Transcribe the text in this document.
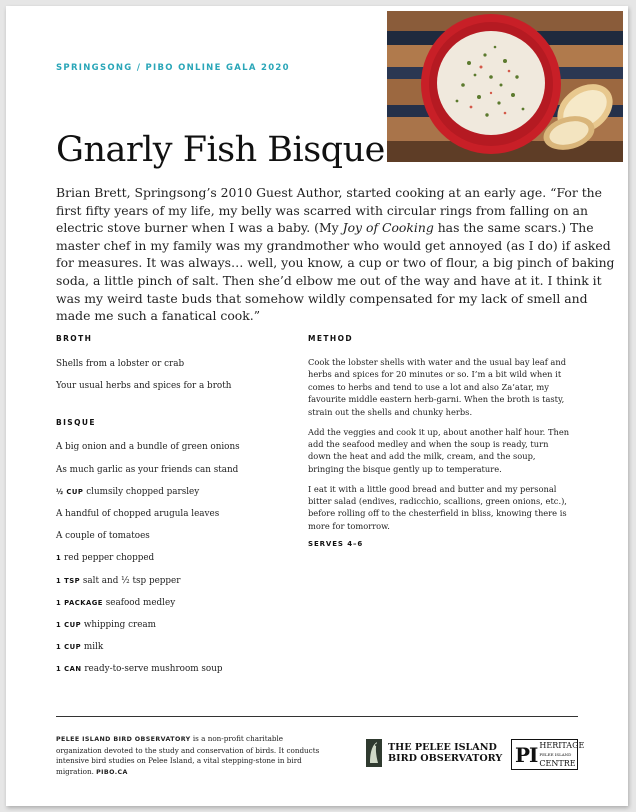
SPRINGSONG / PIBO ONLINE GALA 2020
Gnarly Fish Bisque
Brian Brett, Springsong’s 2010 Guest Author, started cooking at an early age. “For the first fifty years of my life, my belly was scarred with circular rings from falling on an electric stove burner when I was a baby. (My Joy of Cooking has the same scars.) The master chef in my family was my grandmother who would get annoyed (as I do) if asked for measures. It was always… well, you know, a cup or two of flour, a big pinch of baking soda, a little pinch of salt. Then she’d elbow me out of the way and have at it. I think it was my weird taste buds that somehow wildly compensated for my lack of smell and made me such a fanatical cook.”
BROTH
Shells from a lobster or crab
Your usual herbs and spices for a broth
BISQUE
A big onion and a bundle of green onions
As much garlic as your friends can stand
½ CUP clumsily chopped parsley
A handful of chopped arugula leaves
A couple of tomatoes
1 red pepper chopped
1 TSP salt and ½ tsp pepper
1 PACKAGE seafood medley
1 CUP whipping cream
1 CUP milk
1 CAN ready-to-serve mushroom soup
METHOD

Cook the lobster shells with water and the usual bay leaf and herbs and spices for 20 minutes or so. I’m a bit wild when it comes to herbs and tend to use a lot and also Za’atar, my favourite middle eastern herb-garni. When the broth is tasty, strain out the shells and chunky herbs.

Add the veggies and cook it up, about another half hour. Then add the seafood medley and when the soup is ready, turn down the heat and add the milk, cream, and the soup, bringing the bisque gently up to temperature.

I eat it with a little good bread and butter and my personal bitter salad (endives, radicchio, scallions, green onions, etc.), before rolling off to the chesterfield in bliss, knowing there is more for tomorrow.

SERVES 4–6
PELEE ISLAND BIRD OBSERVATORY is a non-profit charitable organization devoted to the study and conservation of birds. It conducts intensive bird studies on Pelee Island, a vital stepping-stone in bird migration. PIBO.CA
THE PELEE ISLAND
BIRD OBSERVATORY PI HERITAGE
PELEE ISLAND
CENTRE
